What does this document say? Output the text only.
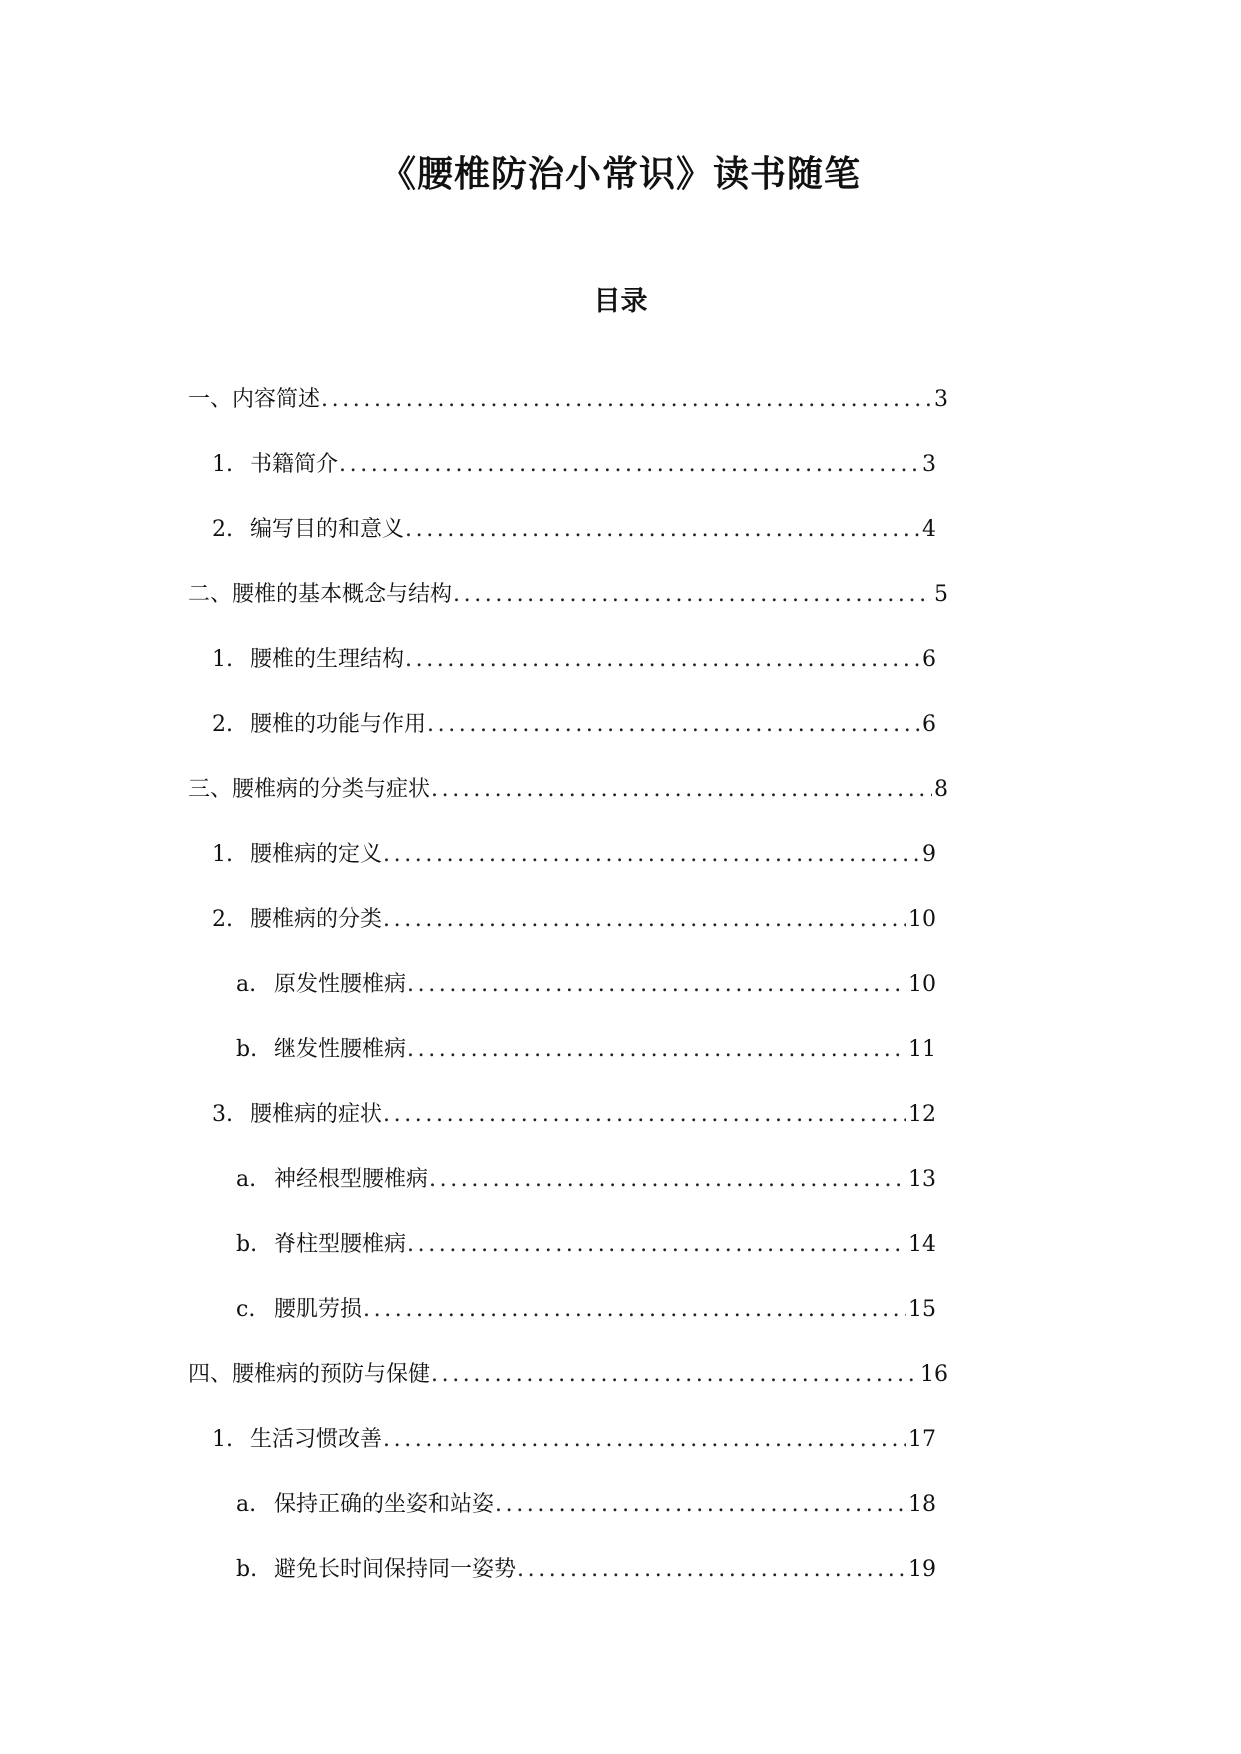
《腰椎防治小常识》读书随笔
目录
一、内容简述 .....	3
1. 书籍简介 .....	3
2. 编写目的和意义 .....	4
二、腰椎的基本概念与结构 .....	5
1. 腰椎的生理结构 .....	6
2. 腰椎的功能与作用 .....	6
三、腰椎病的分类与症状 .....	8
1. 腰椎病的定义 .....	9
2. 腰椎病的分类 .....	10
a. 原发性腰椎病 .....	10
b. 继发性腰椎病 .....	11
3. 腰椎病的症状 .....	12
a. 神经根型腰椎病 .....	13
b. 脊柱型腰椎病 .....	14
c. 腰肌劳损 .....	15
四、腰椎病的预防与保健 .....	16
1. 生活习惯改善 .....	17
a. 保持正确的坐姿和站姿 .....	18
b. 避免长时间保持同一姿势 .....	19
